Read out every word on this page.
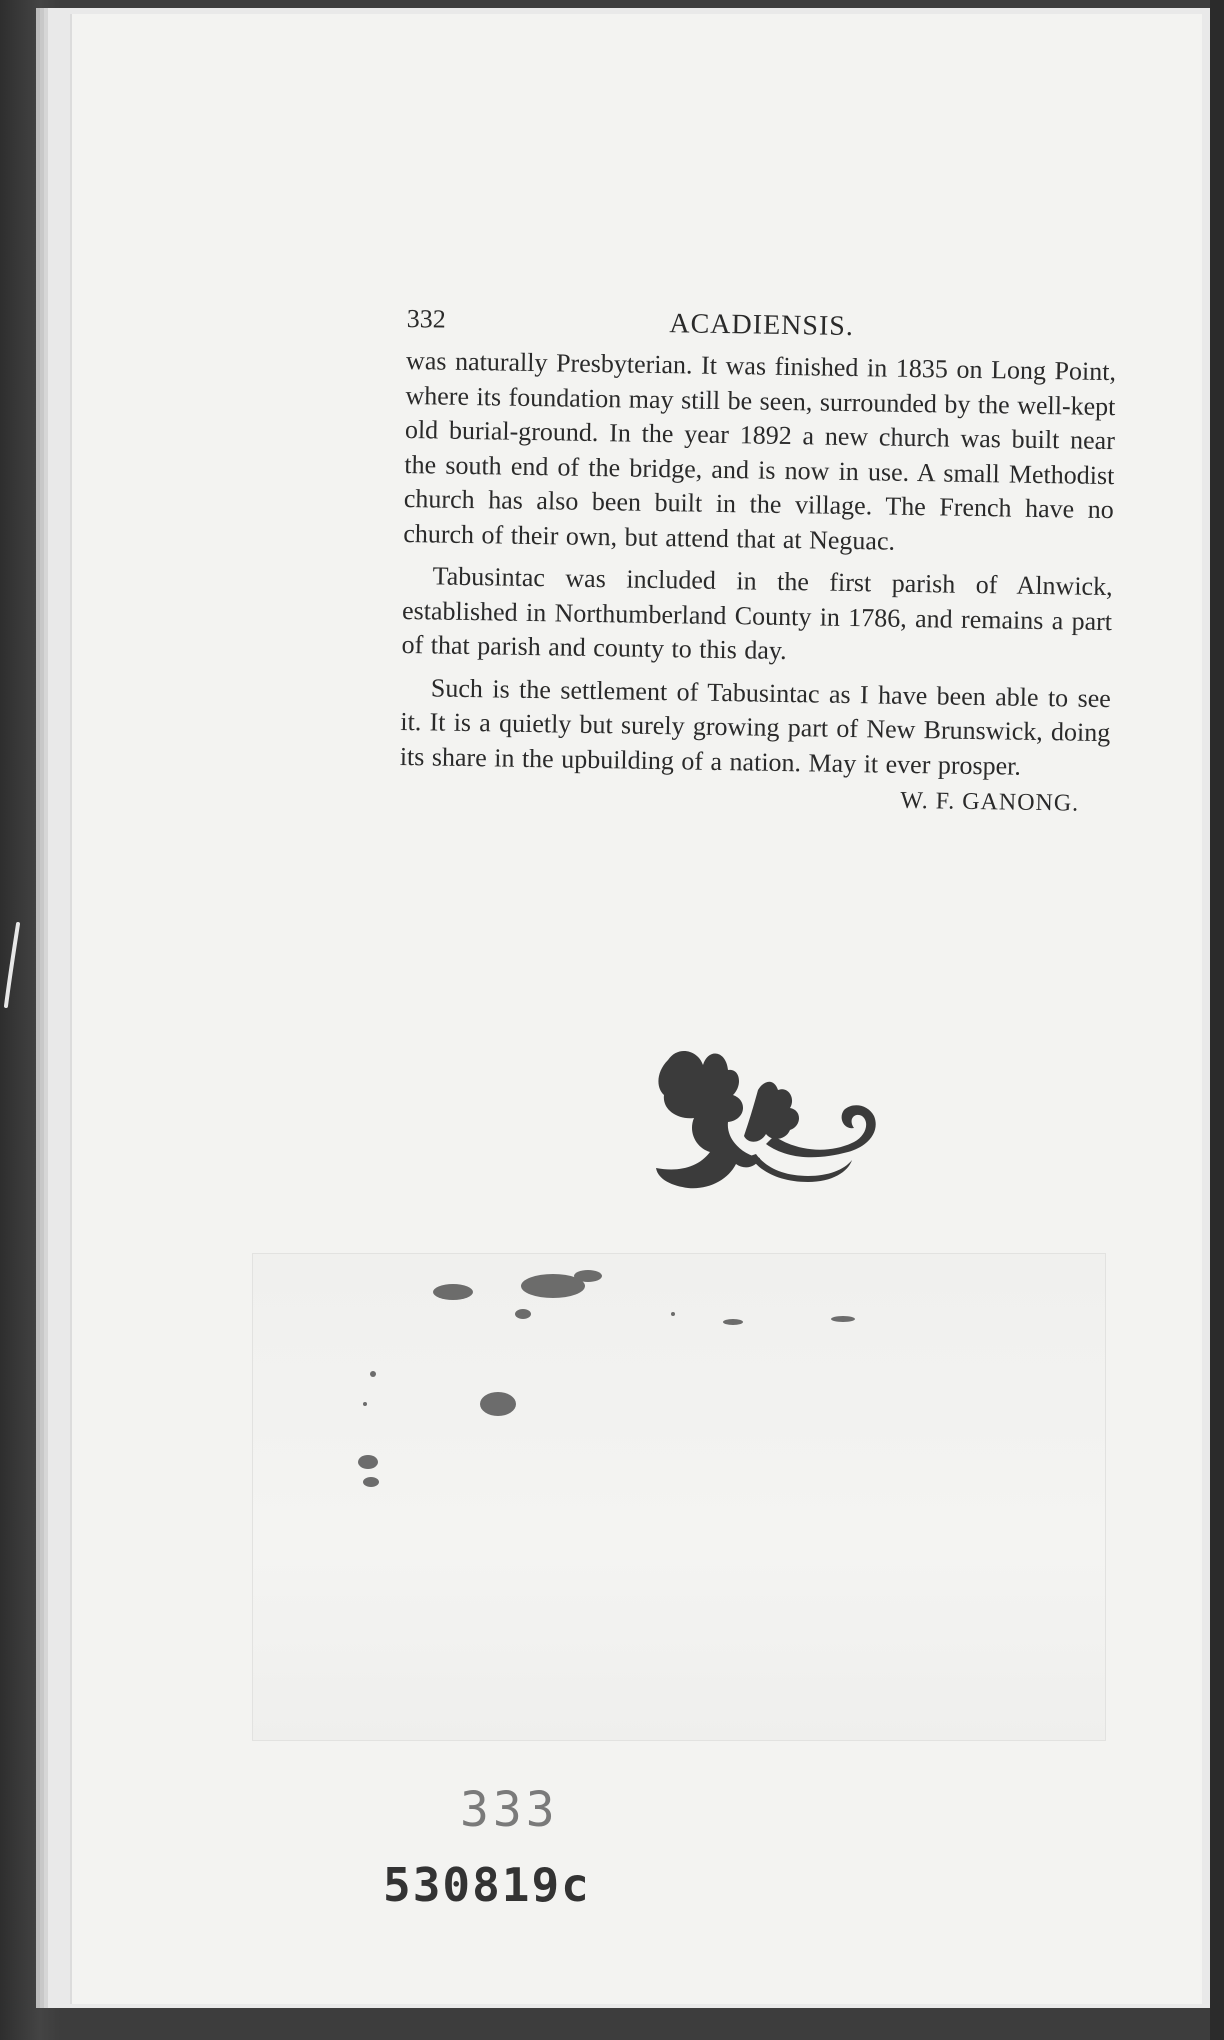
332	ACADIENSIS.

was naturally Presbyterian. It was finished in 1835 on Long Point, where its foundation may still be seen, surrounded by the well-kept old burial-ground. In the year 1892 a new church was built near the south end of the bridge, and is now in use. A small Methodist church has also been built in the village. The French have no church of their own, but attend that at Neguac.

Tabusintac was included in the first parish of Alnwick, established in Northumberland County in 1786, and remains a part of that parish and county to this day.

Such is the settlement of Tabusintac as I have been able to see it. It is a quietly but surely growing part of New Brunswick, doing its share in the upbuilding of a nation. May it ever prosper.

W. F. GANONG.
333
530819c
